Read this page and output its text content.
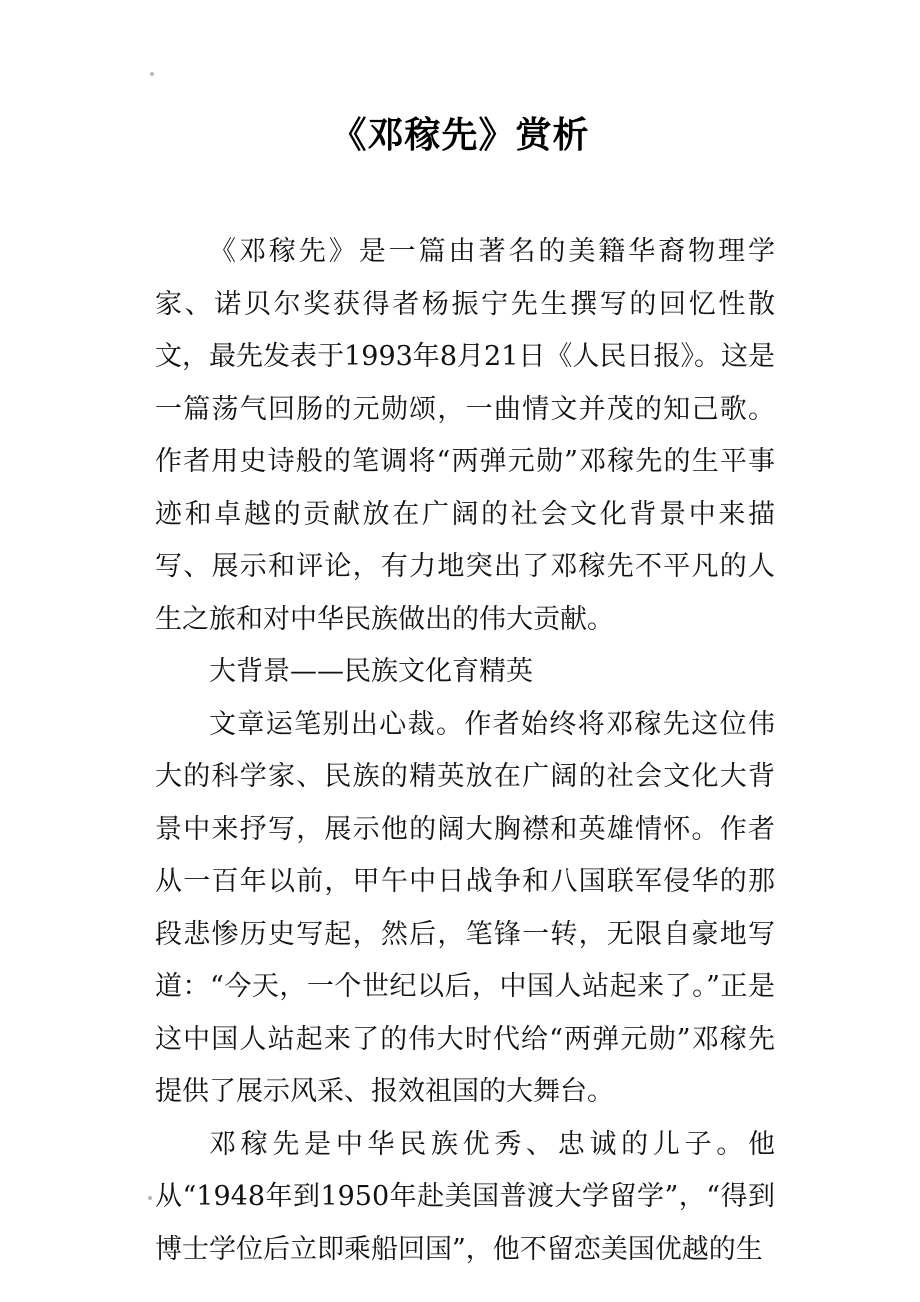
《邓稼先》赏析

《邓稼先》是一篇由著名的美籍华裔物理学家、诺贝尔奖获得者杨振宁先生撰写的回忆性散文，最先发表于1993年8月21日《人民日报》。这是一篇荡气回肠的元勋颂，一曲情文并茂的知己歌。作者用史诗般的笔调将“两弹元勋”邓稼先的生平事迹和卓越的贡献放在广阔的社会文化背景中来描写、展示和评论，有力地突出了邓稼先不平凡的人生之旅和对中华民族做出的伟大贡献。

大背景——民族文化育精英

文章运笔别出心裁。作者始终将邓稼先这位伟大的科学家、民族的精英放在广阔的社会文化大背景中来抒写，展示他的阔大胸襟和英雄情怀。作者从一百年以前，甲午中日战争和八国联军侵华的那段悲惨历史写起，然后，笔锋一转，无限自豪地写道：“今天，一个世纪以后，中国人站起来了。”正是这中国人站起来了的伟大时代给“两弹元勋”邓稼先提供了展示风采、报效祖国的大舞台。

邓稼先是中华民族优秀、忠诚的儿子。他从“1948年到1950年赴美国普渡大学留学”，“得到博士学位后立即乘船回国”，他不留恋美国优越的生
